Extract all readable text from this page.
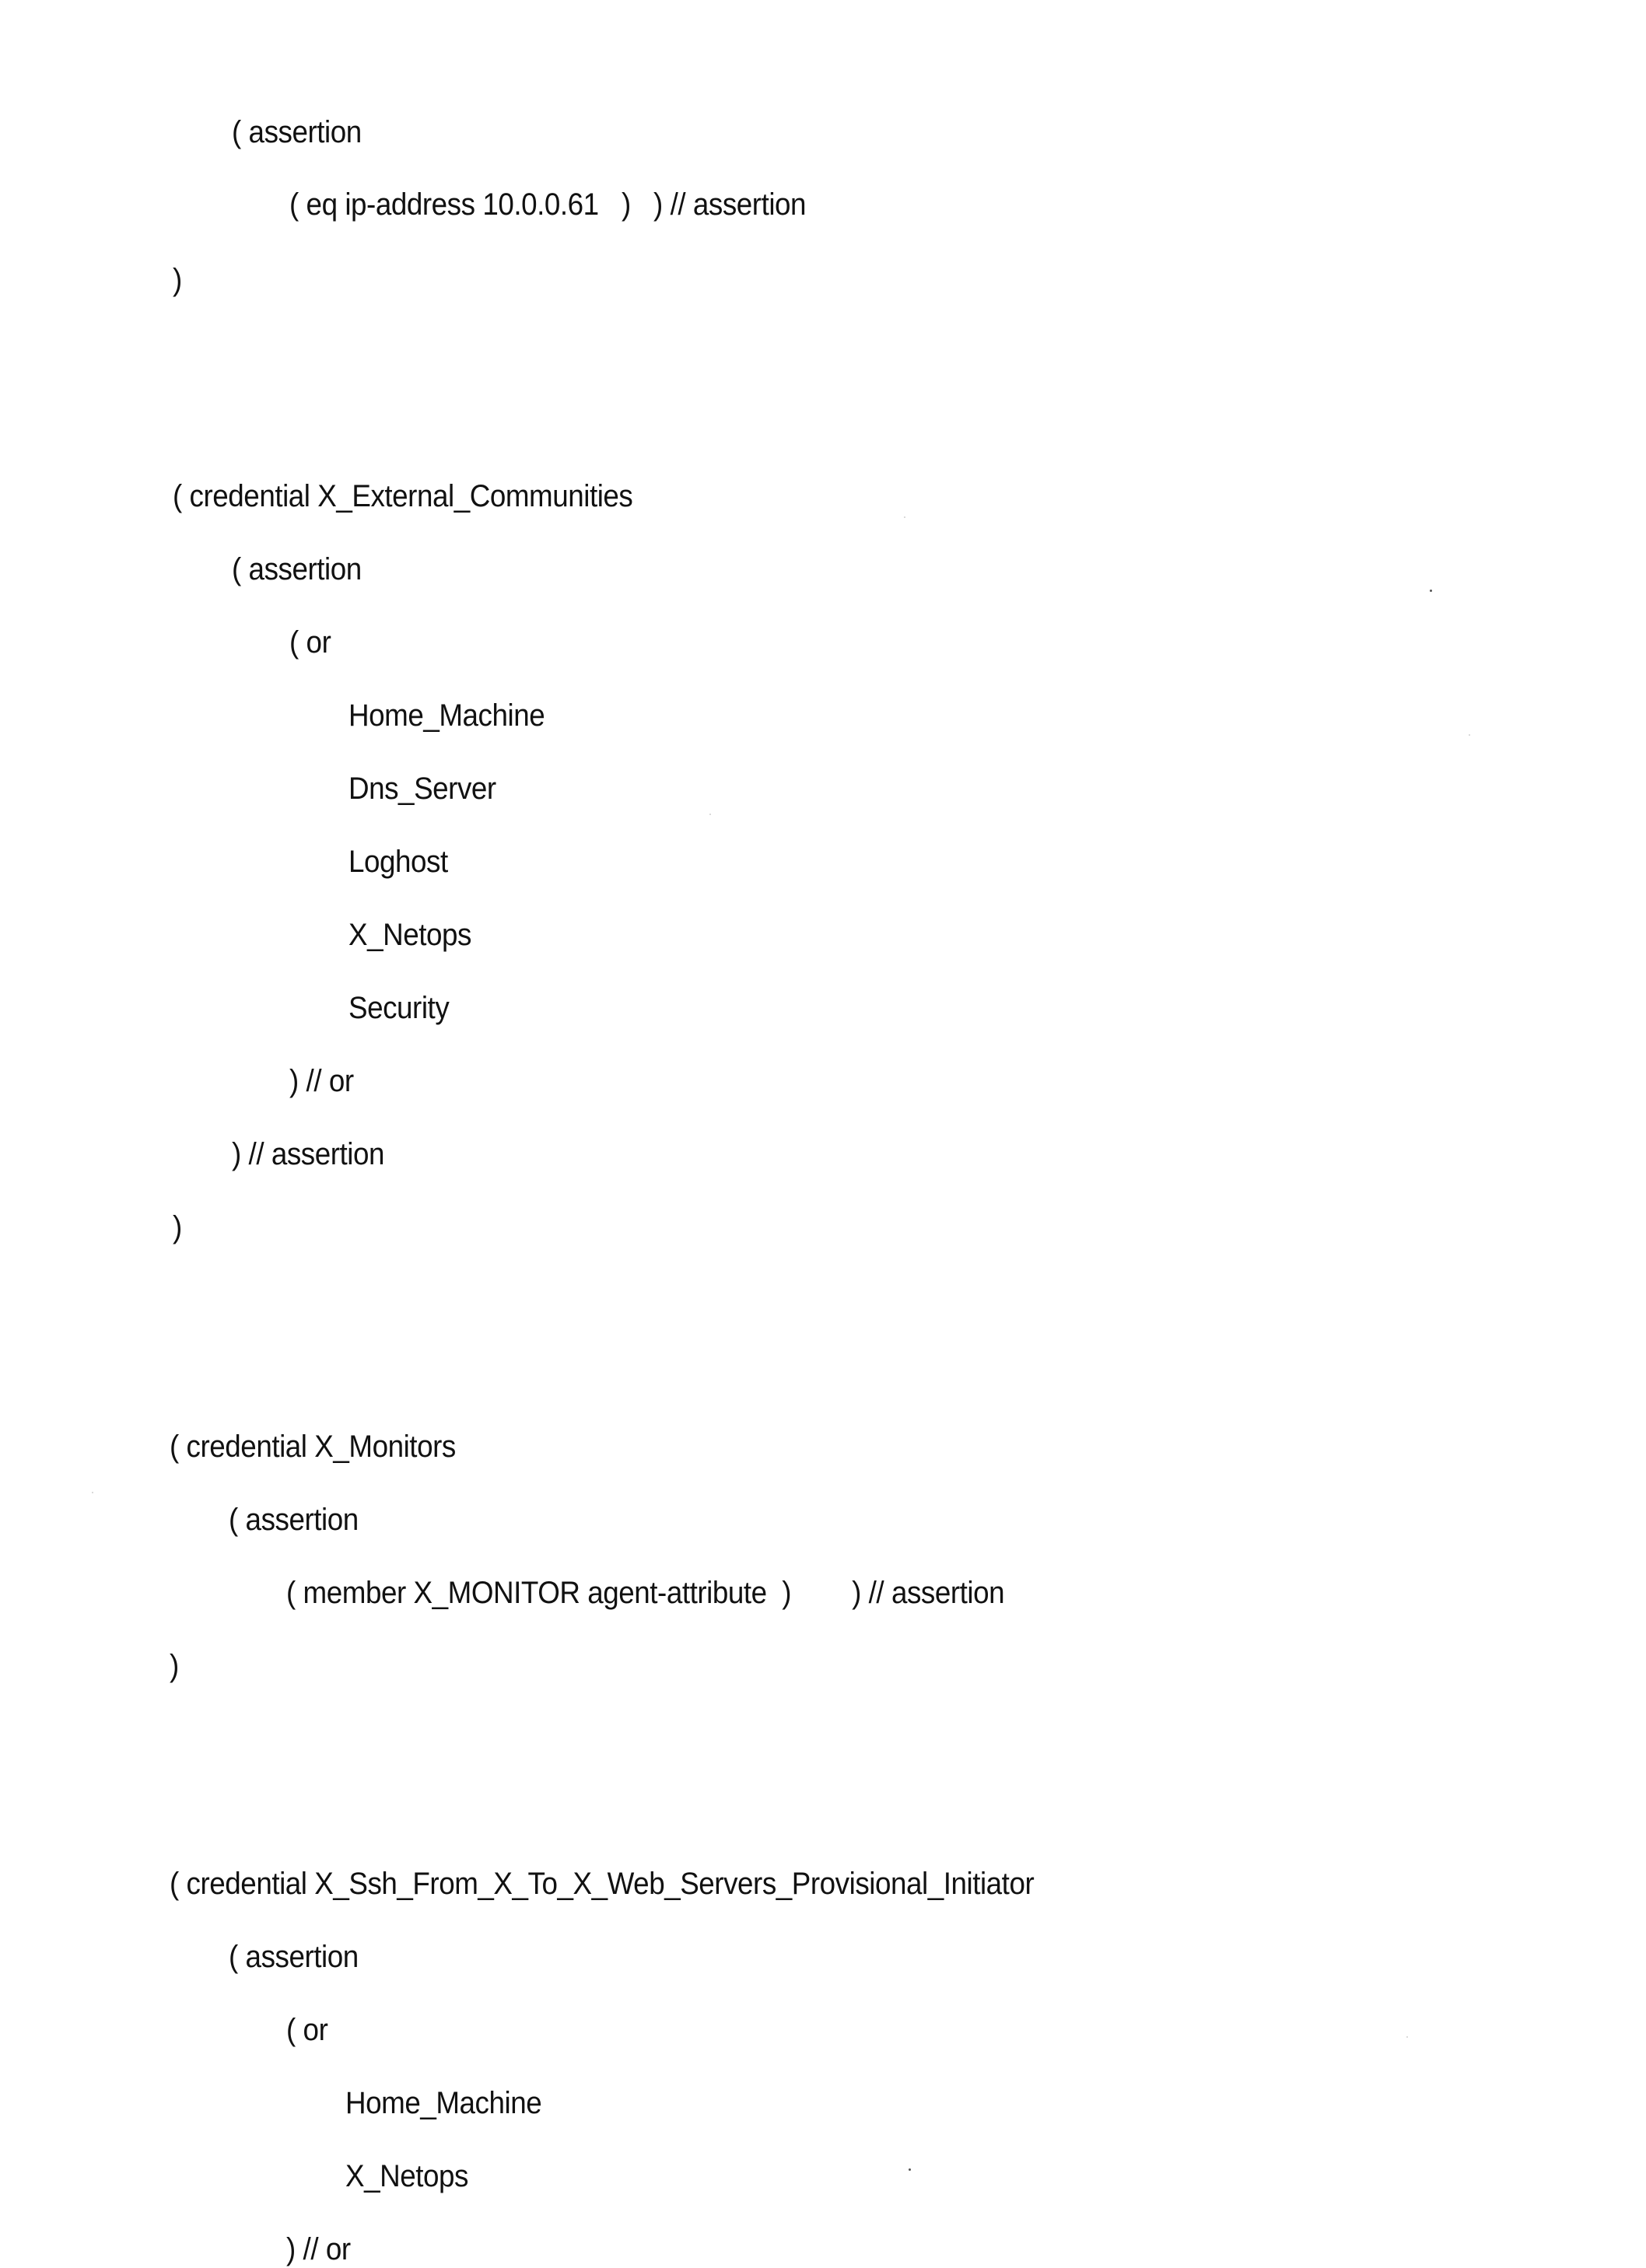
( assertion
( eq ip-address 10.0.0.61   )   ) // assertion
)
( credential X_External_Communities
( assertion
( or
Home_Machine
Dns_Server
Loghost
X_Netops
Security
) // or
) // assertion
)
( credential X_Monitors
( assertion
( member X_MONITOR agent-attribute  )        ) // assertion
)
( credential X_Ssh_From_X_To_X_Web_Servers_Provisional_Initiator
( assertion
( or
Home_Machine
X_Netops
) // or
